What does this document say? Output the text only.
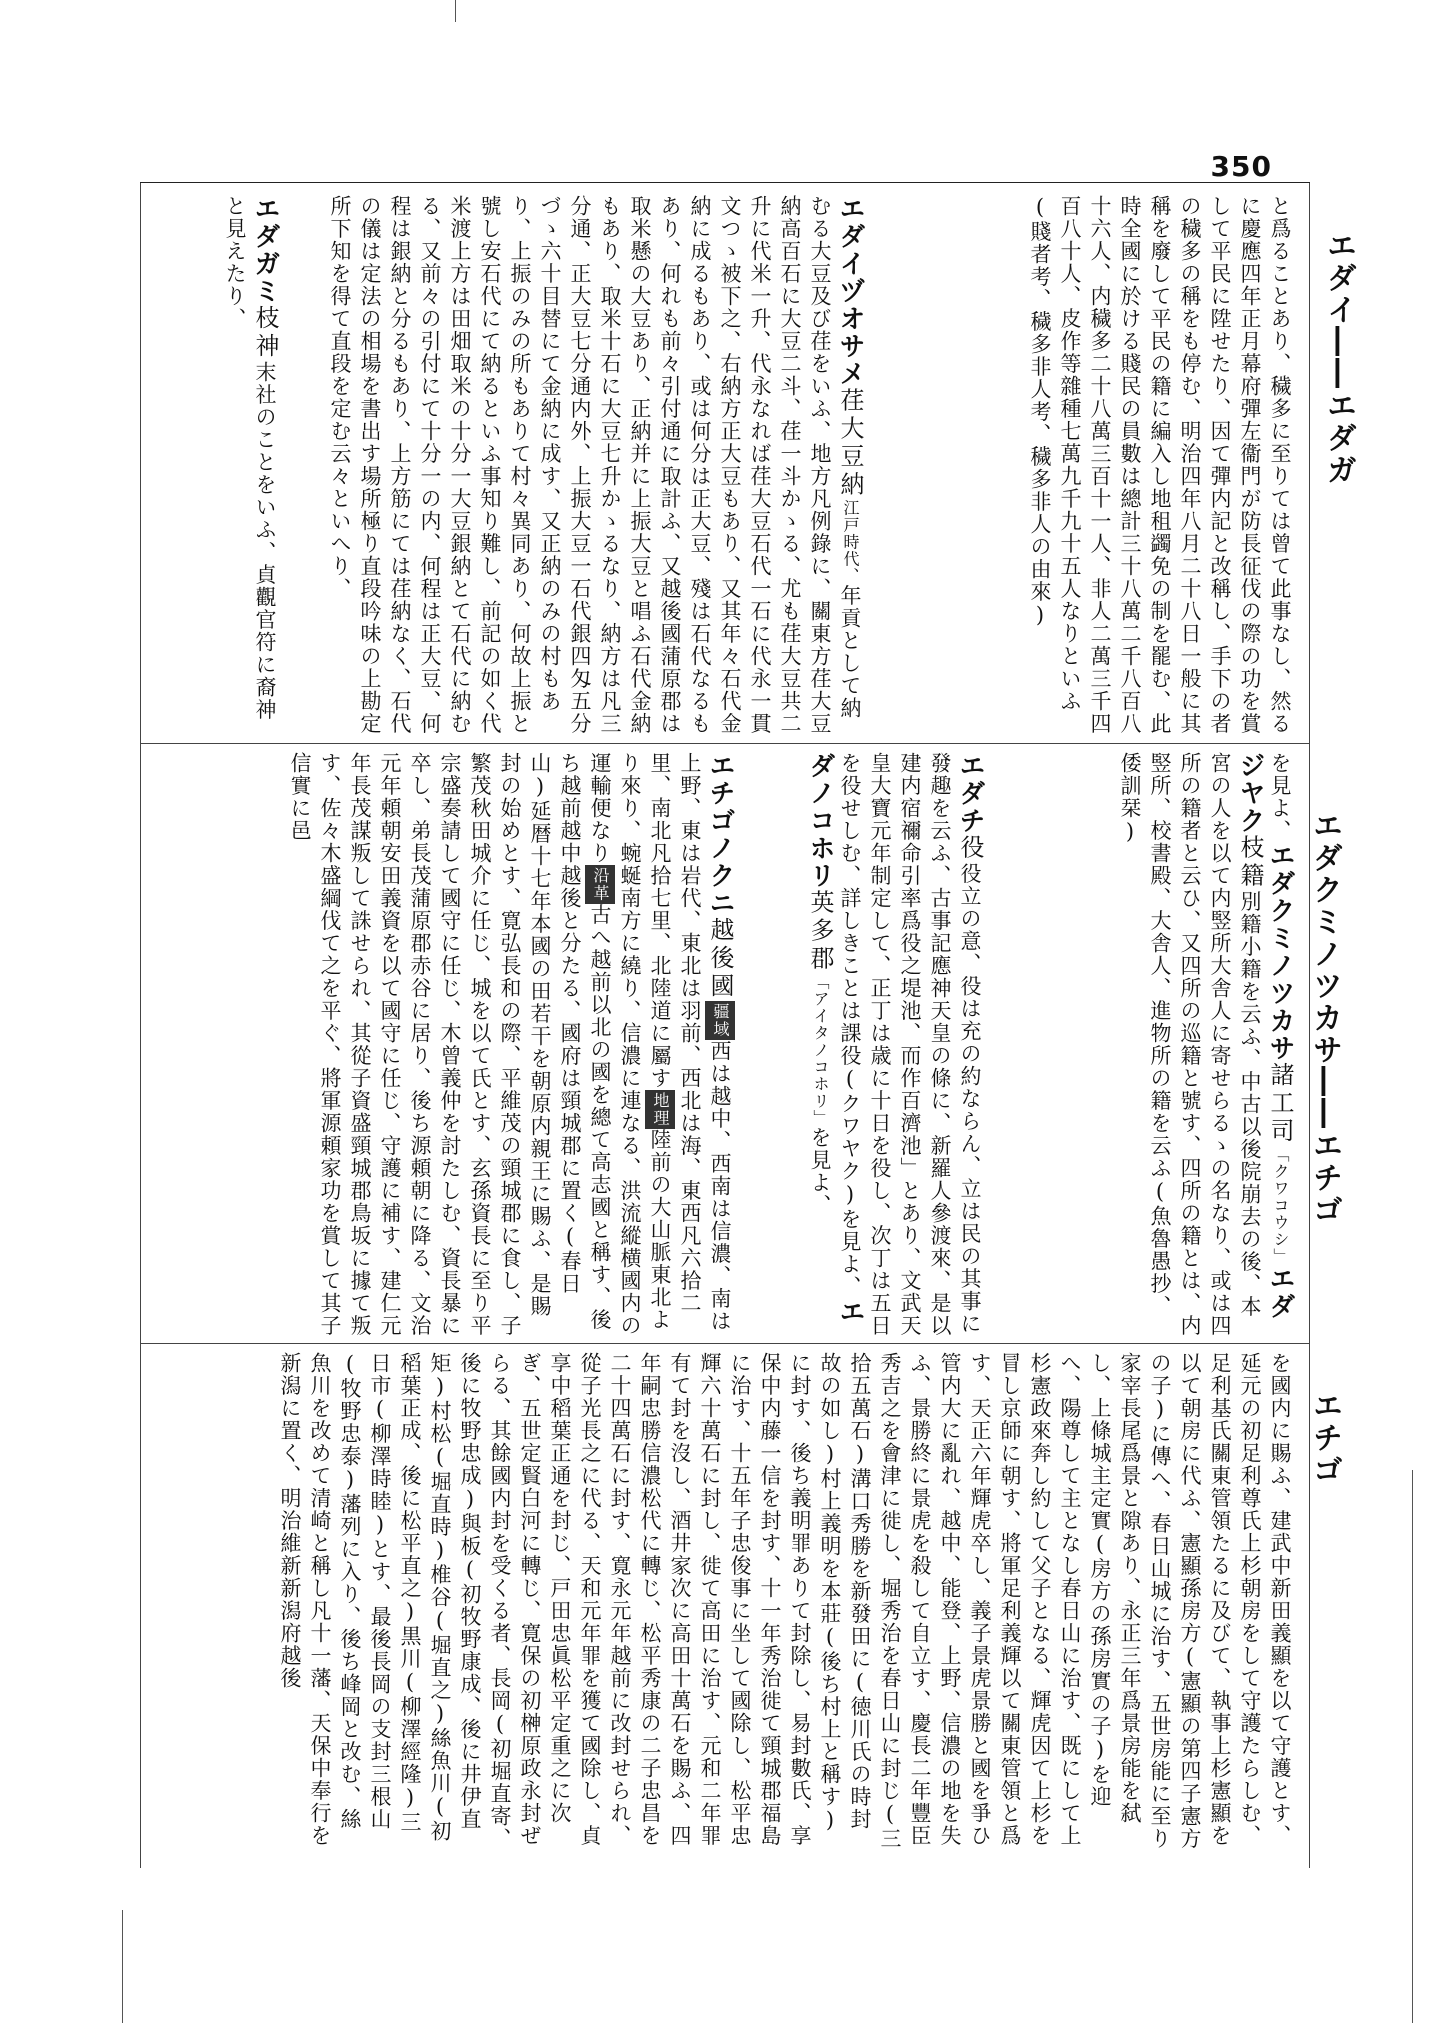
350
エダイ――エダガ
エダクミノツカサ――エチゴ
エチゴ
と爲ることあり、穢多に至りては曾て此事なし、然るに慶應四年正月幕府彈左衞門が防長征伐の際の功を賞して平民に陞せたり、因て彈内記と改稱し、手下の者の穢多の稱をも停む、明治四年八月二十八日一般に其稱を廢して平民の籍に編入し地租蠲免の制を罷む、此時全國に於ける賤民の員數は總計三十八萬二千八百八十六人、内穢多二十八萬三百十一人、非人二萬三千四百八十人、皮作等雜種七萬九千九十五人なりといふ(賤者考、穢多非人考、穢多非人の由來)
エダイヅオサメ荏大豆納江戸時代、年貢として納むる大豆及び荏をいふ、地方凡例錄に、關東方荏大豆納高百石に大豆二斗、荏一斗かゝる、尤も荏大豆共二升に代米一升、代永なれば荏大豆石代一石に代永一貫文つゝ被下之、右納方正大豆もあり、又其年々石代金納に成るもあり、或は何分は正大豆、殘は石代なるもあり、何れも前々引付通に取計ふ、又越後國蒲原郡は取米懸の大豆あり、正納并に上振大豆と唱ふ石代金納もあり、取米十石に大豆七升かゝるなり、納方は凡三分通、正大豆七分通内外、上振大豆一石代銀四匁五分づゝ六十目替にて金納に成す、又正納のみの村もあり、上振のみの所もありて村々異同あり、何故上振と號し安石代にて納るといふ事知り難し、前記の如く代米渡上方は田畑取米の十分一大豆銀納とて石代に納むる、又前々の引付にて十分一の内、何程は正大豆、何程は銀納と分るもあり、上方筋にては荏納なく、石代の儀は定法の相場を書出す場所極り直段吟味の上勘定所下知を得て直段を定む云々といへり、
エダガミ枝神末社のことをいふ、貞觀官符に裔神と見えたり、
を見よ、エダクミノツカサ諸工司「クワコウシ」エダジヤク枝籍別籍小籍を云ふ、中古以後院崩去の後、本宮の人を以て内竪所大舎人に寄せらるゝの名なり、或は四所の籍者と云ひ、又四所の巡籍と號す、四所の籍とは、内竪所、校書殿、大舎人、進物所の籍を云ふ(魚魯愚抄、倭訓栞)
エダチ役役立の意、役は充の約ならん、立は民の其事に發趣を云ふ、古事記應神天皇の條に、新羅人參渡來、是以建内宿禰命引率爲役之堤池、而作百濟池」とあり、文武天皇大寶元年制定して、正丁は歳に十日を役し、次丁は五日を役せしむ、詳しきことは課役(クワヤク)を見よ、エダノコホリ英多郡「アイタノコホリ」を見よ、
エチゴノクニ越後國疆域西は越中、西南は信濃、南は上野、東は岩代、東北は羽前、西北は海、東西凡六拾二里、南北凡拾七里、北陸道に屬す地理陸前の大山脈東北より來り、蜿蜒南方に繞り、信濃に連なる、洪流縱横國内の運輸便なり沿革古へ越前以北の國を總て高志國と稱す、後ち越前越中越後と分たる、國府は頸城郡に置く(春日山)延暦十七年本國の田若干を朝原内親王に賜ふ、是賜封の始めとす、寛弘長和の際、平維茂の頸城郡に食し、子繁茂秋田城介に任じ、城を以て氏とす、玄孫資長に至り平宗盛奏請して國守に任じ、木曾義仲を討たしむ、資長暴に卒し、弟長茂蒲原郡赤谷に居り、後ち源頼朝に降る、文治元年頼朝安田義資を以て國守に任じ、守護に補す、建仁元年長茂謀叛して誅せられ、其從子資盛頸城郡鳥坂に據て叛す、佐々木盛綱伐て之を平ぐ、將軍源頼家功を賞して其子信實に邑
を國内に賜ふ、建武中新田義顯を以て守護とす、延元の初足利尊氏上杉朝房をして守護たらしむ、足利基氏關東管領たるに及びて、執事上杉憲顯を以て朝房に代ふ、憲顯孫房方(憲顯の第四子憲方の子)に傳へ、春日山城に治す、五世房能に至り家宰長尾爲景と隙あり、永正三年爲景房能を弑し、上條城主定實(房方の孫房實の子)を迎へ、陽尊して主となし春日山に治す、既にして上杉憲政來奔し約して父子となる、輝虎因て上杉を冒し京師に朝す、將軍足利義輝以て關東管領と爲す、天正六年輝虎卒し、義子景虎景勝と國を爭ひ管内大に亂れ、越中、能登、上野、信濃の地を失ふ、景勝終に景虎を殺して自立す、慶長二年豐臣秀吉之を會津に徙し、堀秀治を春日山に封じ(三拾五萬石)溝口秀勝を新發田に(徳川氏の時封故の如し)村上義明を本莊(後ち村上と稱す)に封す、後ち義明罪ありて封除し、易封數氏、享保中内藤一信を封す、十一年秀治徙て頸城郡福島に治す、十五年子忠俊事に坐して國除し、松平忠輝六十萬石に封し、徙て高田に治す、元和二年罪有て封を沒し、酒井家次に高田十萬石を賜ふ、四年嗣忠勝信濃松代に轉じ、松平秀康の二子忠昌を二十四萬石に封す、寛永元年越前に改封せられ、從子光長之に代る、天和元年罪を獲て國除し、貞享中稻葉正通を封じ、戸田忠眞松平定重之に次ぎ、五世定賢白河に轉じ、寛保の初榊原政永封ぜらる、其餘國内封を受くる者、長岡(初堀直寄、後に牧野忠成)與板(初牧野康成、後に井伊直矩)村松(堀直時)椎谷(堀直之)絲魚川(初稻葉正成、後に松平直之)黒川(柳澤經隆)三日市(柳澤時睦)とす、最後長岡の支封三根山(牧野忠泰)藩列に入り、後ち峰岡と改む、絲魚川を改めて清崎と稱し凡十一藩、天保中奉行を新潟に置く、明治維新新潟府越後
